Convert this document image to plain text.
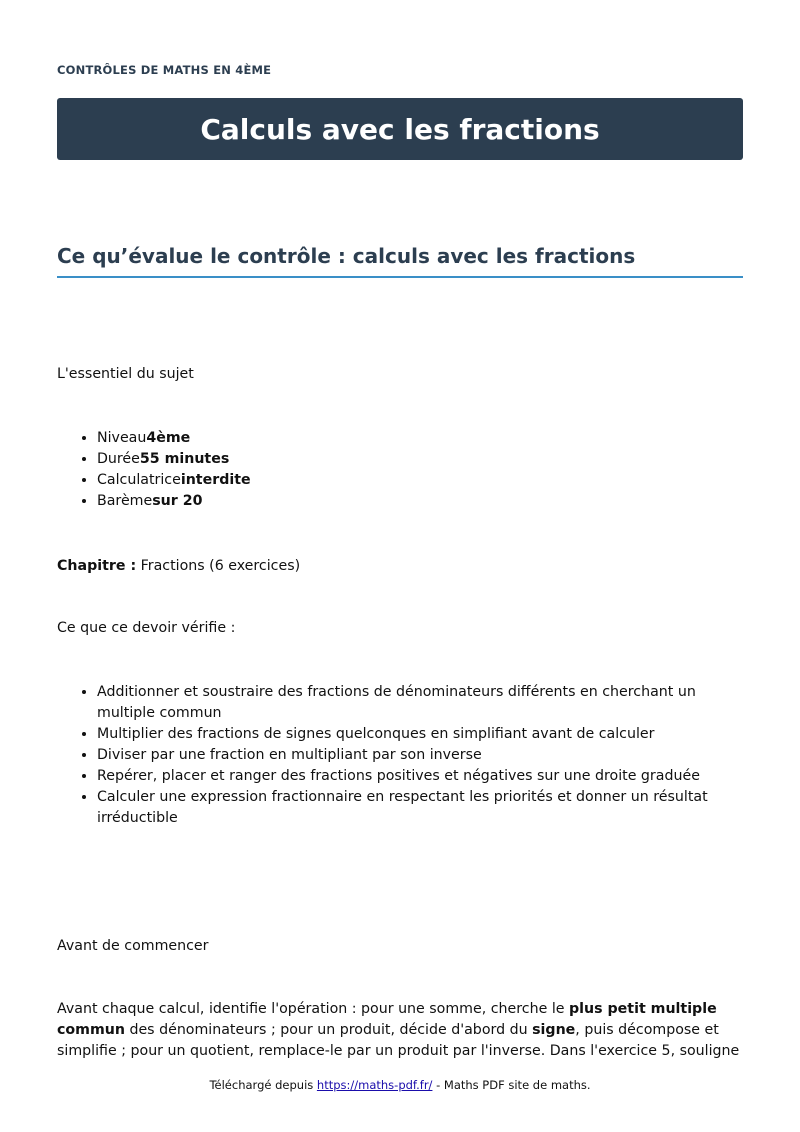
CONTRÔLES DE MATHS EN 4ÈME
Calculs avec les fractions
Ce qu’évalue le contrôle : calculs avec les fractions

L'essentiel du sujet

• Niveau4ème
• Durée55 minutes
• Calculatriceinterdite
• Barèmesur 20

Chapitre : Fractions (6 exercices)

Ce que ce devoir vérifie :

• Additionner et soustraire des fractions de dénominateurs différents en cherchant un multiple commun
• Multiplier des fractions de signes quelconques en simplifiant avant de calculer
• Diviser par une fraction en multipliant par son inverse
• Repérer, placer et ranger des fractions positives et négatives sur une droite graduée
• Calculer une expression fractionnaire en respectant les priorités et donner un résultat irréductible

Avant de commencer

Avant chaque calcul, identifie l'opération : pour une somme, cherche le plus petit multiple commun des dénominateurs ; pour un produit, décide d'abord du signe, puis décompose et simplifie ; pour un quotient, remplace-le par un produit par l'inverse. Dans l'exercice 5, souligne

Téléchargé depuis https://maths-pdf.fr/ - Maths PDF site de maths.
